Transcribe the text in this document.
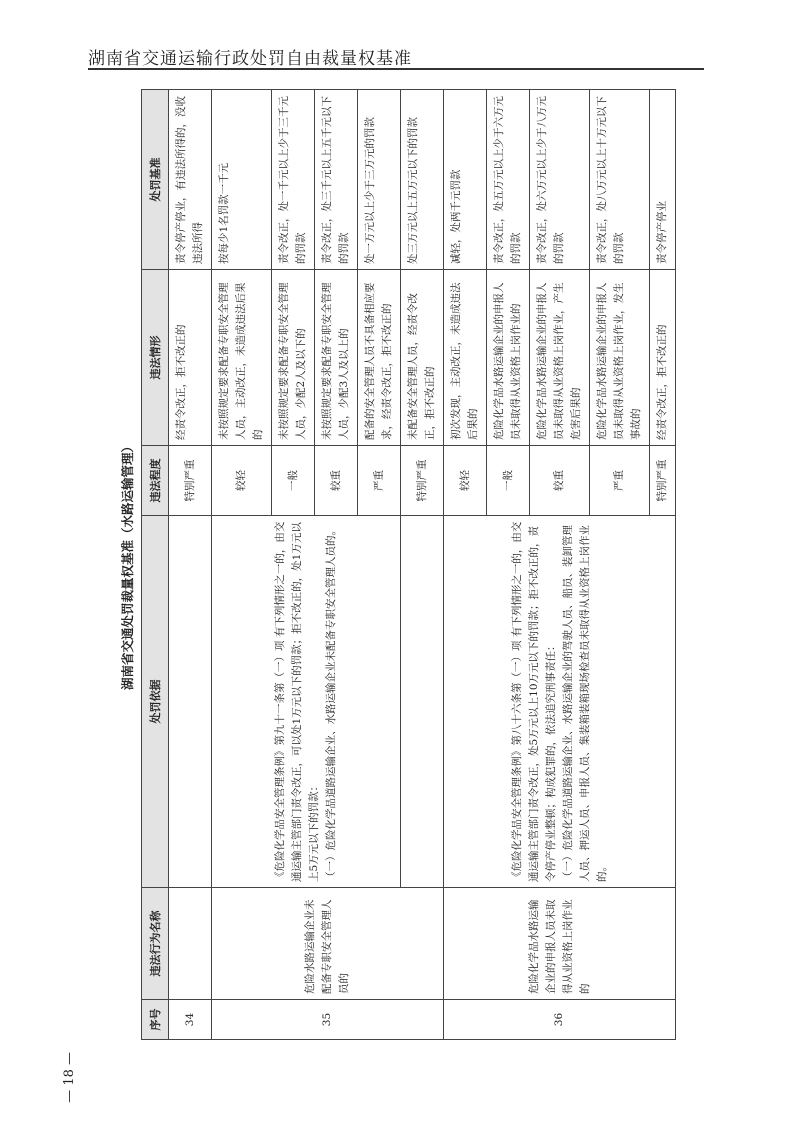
湖南省交通运输行政处罚自由裁量权基准
— 18 —
湖南省交通处罚裁量权基准（水路运输管理）
序号	违法行为名称	处罚依据	违法程度	违法情形	处罚基准
34			特别严重	经责令改正，拒不改正的	责令停产停业，有违法所得的，没收违法所得
35	危险水路运输企业未配备专职安全管理人员的	《危险化学品安全管理条例》第九十一条第（一）项 有下列情形之一的，由交通运输主管部门责令改正，可以处1万元以下的罚款；拒不改正的，处1万元以上5万元以下的罚款： （一）危险化学品道路运输企业、水路运输企业未配备专职安全管理人员的。	较轻	未按照规定要求配备专职安全管理人员，主动改正，未造成违法后果的	按每少1名罚款一千元
			一般	未按照规定要求配备专职安全管理人员，少配2人及以下的	责令改正，处一千元以上少于三千元的罚款
			较重	未按照规定要求配备专职安全管理人员，少配3人及以上的	责令改正，处三千元以上五千元以下的罚款
			严重	配备的安全管理人员不具备相应要求，经责令改正，拒不改正的	处一万元以上少于三万元的罚款
			特别严重	未配备安全管理人员，经责令改正，拒不改正的	处三万元以上五万元以下的罚款
36	危险化学品水路运输企业的申报人员未取得从业资格上岗作业的	《危险化学品安全管理条例》第八十六条第（一）项 有下列情形之一的，由交通运输主管部门责令改正，处5万元以上10万元以下的罚款；拒不改正的，责令停产停业整顿；构成犯罪的，依法追究刑事责任： （一）危险化学品道路运输企业、水路运输企业的驾驶人员、船员、装卸管理人员、押运人员、申报人员、集装箱装箱现场检查员未取得从业资格上岗作业的。	较轻	初次发现，主动改正，未造成违法后果的	减轻，处两千元罚款
			一般	危险化学品水路运输企业的申报人员未取得从业资格上岗作业的	责令改正，处五万元以上少于六万元的罚款
			较重	危险化学品水路运输企业的申报人员未取得从业资格上岗作业，产生危害后果的	责令改正，处六万元以上少于八万元的罚款
			严重	危险化学品水路运输企业的申报人员未取得从业资格上岗作业，发生事故的	责令改正，处八万元以上十万元以下的罚款
			特别严重	经责令改正，拒不改正的	责令停产停业
